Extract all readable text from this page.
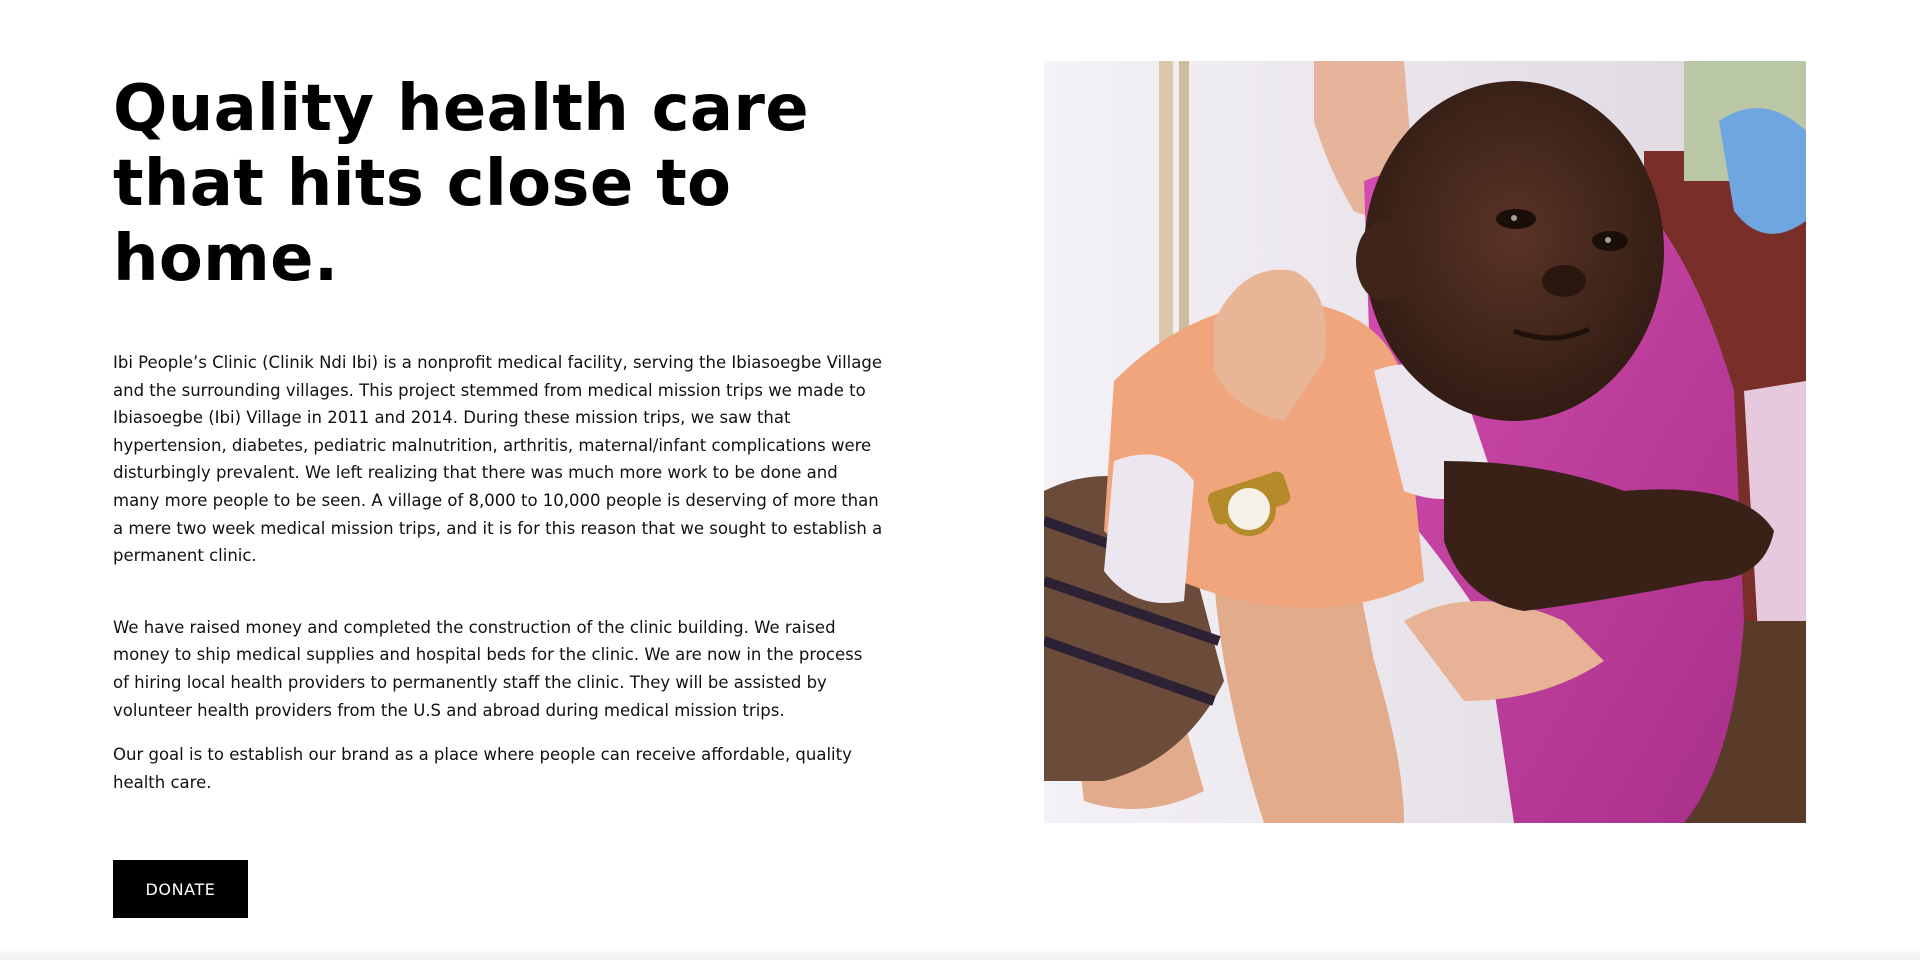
Quality health care that hits close to home.

Ibi People’s Clinic (Clinik Ndi Ibi) is a nonprofit medical facility, serving the Ibiasoegbe Village and the surrounding villages. This project stemmed from medical mission trips we made to Ibiasoegbe (Ibi) Village in 2011 and 2014. During these mission trips, we saw that hypertension, diabetes, pediatric malnutrition, arthritis, maternal/infant complications were disturbingly prevalent. We left realizing that there was much more work to be done and many more people to be seen. A village of 8,000 to 10,000 people is deserving of more than a mere two week medical mission trips, and it is for this reason that we sought to establish a permanent clinic.

We have raised money and completed the construction of the clinic building. We raised money to ship medical supplies and hospital beds for the clinic. We are now in the process of hiring local health providers to permanently staff the clinic. They will be assisted by volunteer health providers from the U.S and abroad during medical mission trips.

Our goal is to establish our brand as a place where people can receive affordable, quality health care.

DONATE
